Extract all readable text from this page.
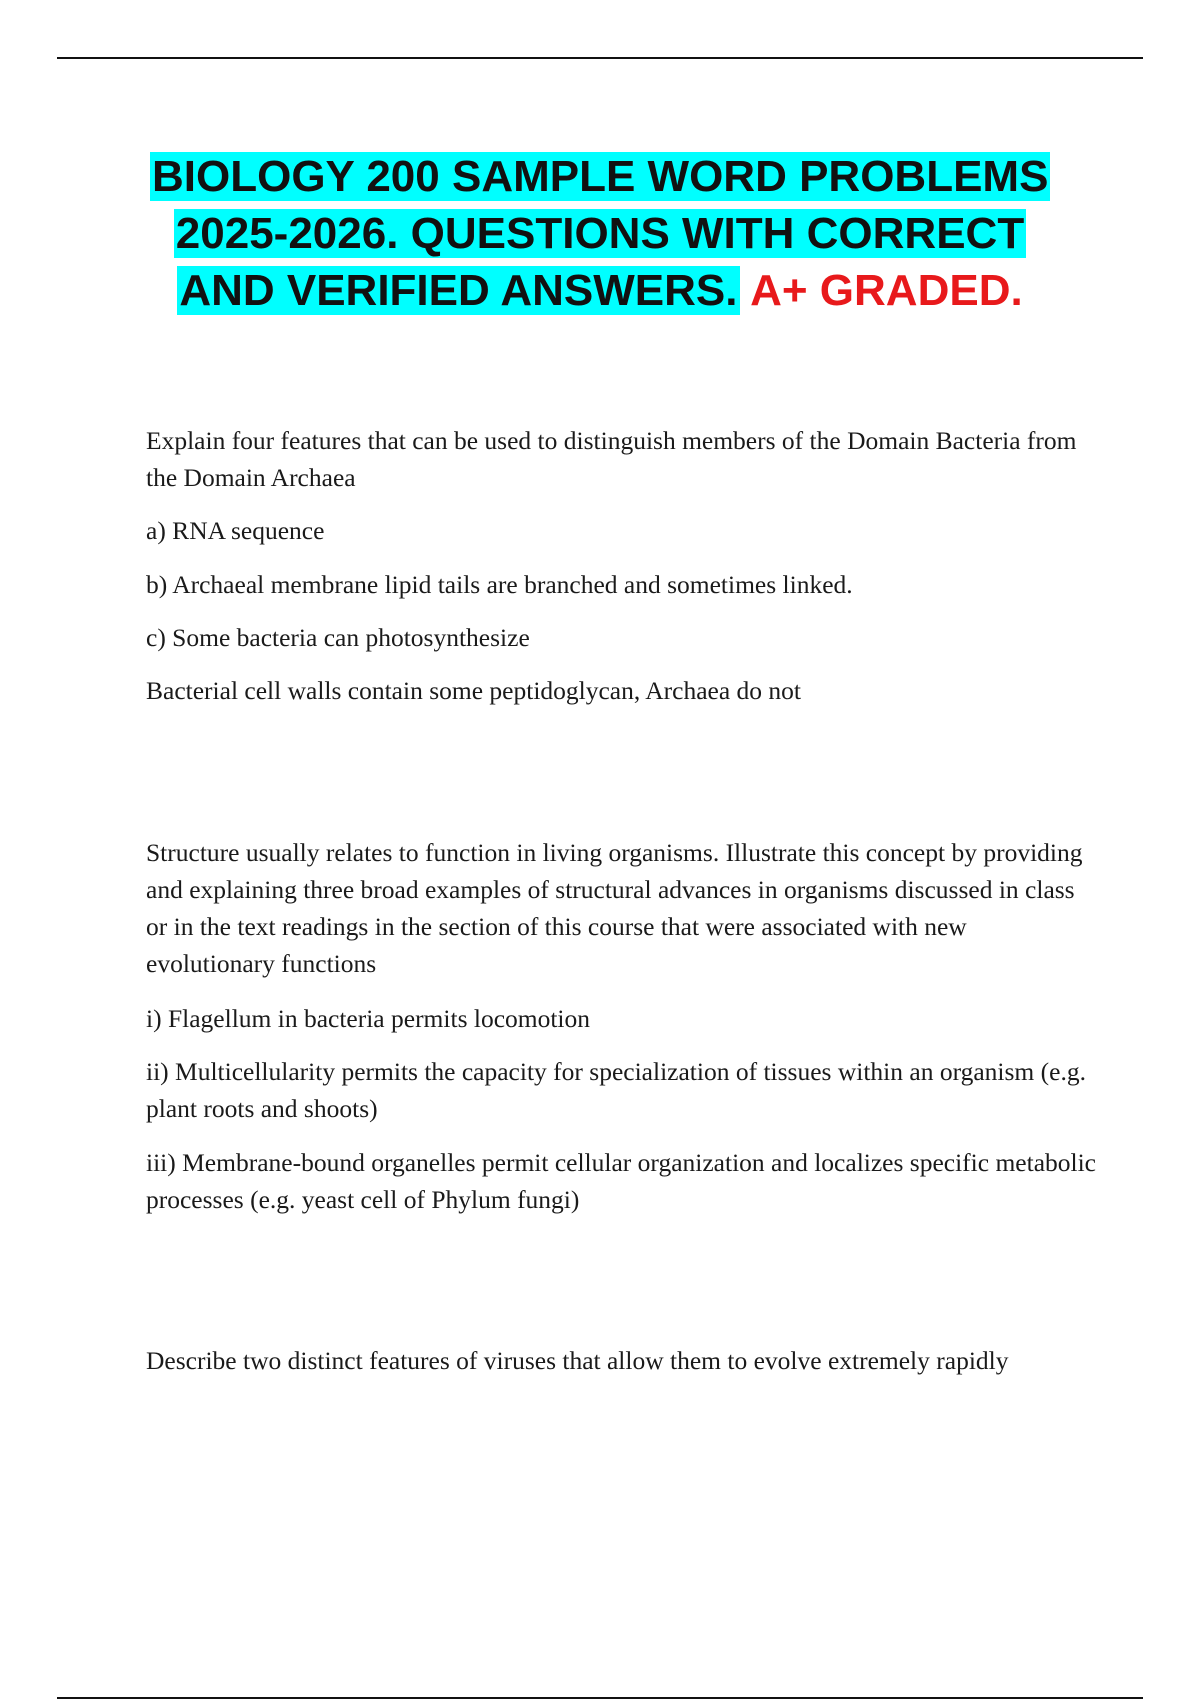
BIOLOGY 200 SAMPLE WORD PROBLEMS 2025-2026. QUESTIONS WITH CORRECT AND VERIFIED ANSWERS. A+ GRADED.

Explain four features that can be used to distinguish members of the Domain Bacteria from the Domain Archaea

a) RNA sequence

b) Archaeal membrane lipid tails are branched and sometimes linked.

c) Some bacteria can photosynthesize

Bacterial cell walls contain some peptidoglycan, Archaea do not

Structure usually relates to function in living organisms. Illustrate this concept by providing and explaining three broad examples of structural advances in organisms discussed in class or in the text readings in the section of this course that were associated with new evolutionary functions

i) Flagellum in bacteria permits locomotion

ii) Multicellularity permits the capacity for specialization of tissues within an organism (e.g. plant roots and shoots)

iii) Membrane-bound organelles permit cellular organization and localizes specific metabolic processes (e.g. yeast cell of Phylum fungi)

Describe two distinct features of viruses that allow them to evolve extremely rapidly
